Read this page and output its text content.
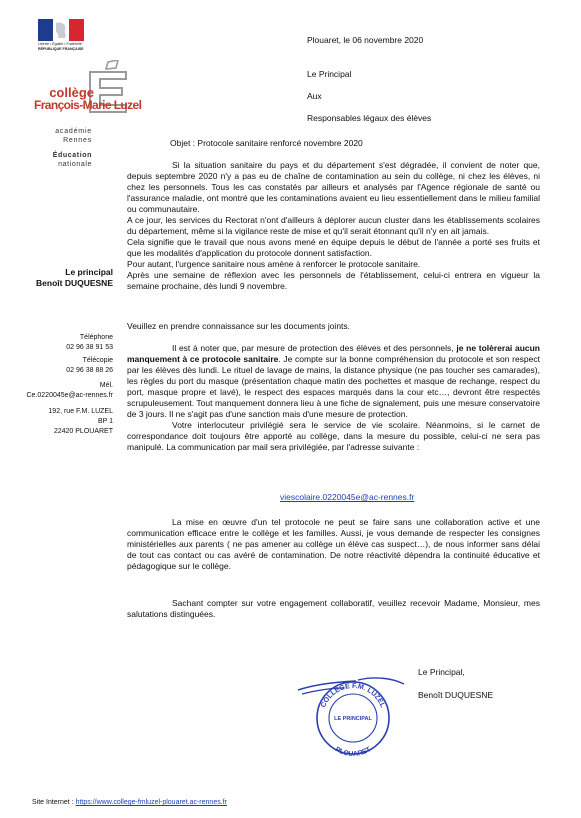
Liberté • Égalité • Fraternité
RÉPUBLIQUE FRANÇAISE
collège
François-Marie Luzel
académie
Rennes
Éducation
nationale
Le principal
Benoît DUQUESNE
Téléphone
02 96 38 91 53
Télécopie
02 96 38 88 26
Mél.
Ce.0220045e@ac-rennes.fr
192, rue F.M. LUZEL
BP 1
22420 PLOUARET
Plouaret, le 06 novembre 2020
Le Principal
Aux
Responsables légaux des élèves
Objet : Protocole sanitaire renforcé novembre 2020

Si la situation sanitaire du pays et du département s'est dégradée, il convient de noter que, depuis septembre 2020 n'y a pas eu de chaîne de contamination au sein du collège, ni chez les élèves, ni chez les personnels. Tous les cas constatés par ailleurs et analysés par l'Agence régionale de santé ou l'assurance maladie, ont montré que les contaminations avaient eu lieu essentiellement dans le milieu familial ou communautaire.

A ce jour, les services du Rectorat n'ont d'ailleurs à déplorer aucun cluster dans les établissements scolaires du département, même si la vigilance reste de mise et qu'il serait étonnant qu'il n'y en ait jamais.

Cela signifie que le travail que nous avons mené en équipe depuis le début de l'année a porté ses fruits et que les modalités d'application du protocole donnent satisfaction.

Pour autant, l'urgence sanitaire nous amène à renforcer le protocole sanitaire.

Après une semaine de réflexion avec les personnels de l'établissement, celui-ci entrera en vigueur la semaine prochaine, dès lundi 9 novembre.

Veuillez en prendre connaissance sur les documents joints.

Il est à noter que, par mesure de protection des élèves et des personnels, je ne tolèrerai aucun manquement à ce protocole sanitaire. Je compte sur la bonne compréhension du protocole et son respect par les élèves dès lundi. Le rituel de lavage de mains, la distance physique (ne pas toucher ses camarades), les règles du port du masque (présentation chaque matin des pochettes et masque de rechange, respect du port, masque propre et lavé), le respect des espaces marqués dans la cour etc…, devront être respectés scrupuleusement. Tout manquement donnera lieu à une fiche de signalement, puis une mesure conservatoire de 3 jours. Il ne s'agit pas d'une sanction mais d'une mesure de protection.

Votre interlocuteur privilégié sera le service de vie scolaire. Néanmoins, si le carnet de correspondance doit toujours être apporté au collège, dans la mesure du possible, celui-ci ne sera pas manipulé. La communication par mail sera privilégiée, par l'adresse suivante :

viescolaire.0220045e@ac-rennes.fr

La mise en œuvre d'un tel protocole ne peut se faire sans une collaboration active et une communication efficace entre le collège et les familles. Aussi, je vous demande de respecter les consignes ministérielles aux parents ( ne pas amener au collège un élève cas suspect…), de nous informer sans délai de tout cas contact ou cas avéré de contamination. De notre réactivité dépendra la continuité éducative et pédagogique sur le collège.

Sachant compter sur votre engagement collaboratif, veuillez recevoir Madame, Monsieur, mes salutations distinguées.

Le Principal,
Benoît DUQUESNE
COLLÈGE F.M. LUZEL
LE PRINCIPAL
PLOUARET
Site Internet : https://www.college-fmluzel-plouaret.ac-rennes.fr
